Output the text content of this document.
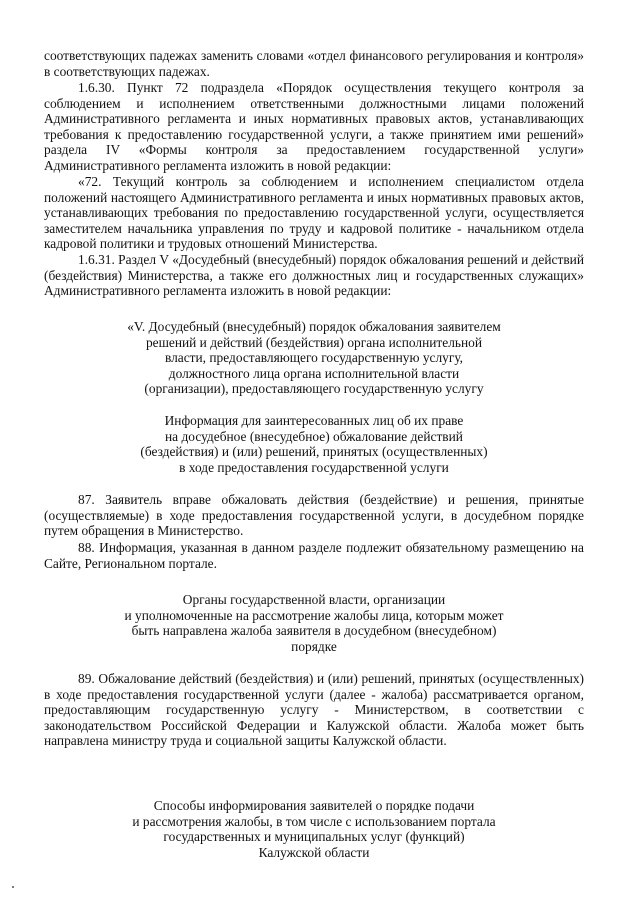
соответствующих падежах заменить словами «отдел финансового регулирования и контроля» в соответствующих падежах.

1.6.30. Пункт 72 подраздела «Порядок осуществления текущего контроля за соблюдением и исполнением ответственными должностными лицами положений Административного регламента и иных нормативных правовых актов, устанавливающих требования к предоставлению государственной услуги, а также принятием ими решений» раздела IV «Формы контроля за предоставлением государственной услуги» Административного регламента изложить в новой редакции:

«72. Текущий контроль за соблюдением и исполнением специалистом отдела положений настоящего Административного регламента и иных нормативных правовых актов, устанавливающих требования по предоставлению государственной услуги, осуществляется заместителем начальника управления по труду и кадровой политике - начальником отдела кадровой политики и трудовых отношений Министерства.

1.6.31. Раздел V «Досудебный (внесудебный) порядок обжалования решений и действий (бездействия) Министерства, а также его должностных лиц и государственных служащих» Административного регламента изложить в новой редакции:

«V. Досудебный (внесудебный) порядок обжалования заявителем
решений и действий (бездействия) органа исполнительной
власти, предоставляющего государственную услугу,
должностного лица органа исполнительной власти
(организации), предоставляющего государственную услугу
Информация для заинтересованных лиц об их праве
на досудебное (внесудебное) обжалование действий
(бездействия) и (или) решений, принятых (осуществленных)
в ходе предоставления государственной услуги

87. Заявитель вправе обжаловать действия (бездействие) и решения, принятые (осуществляемые) в ходе предоставления государственной услуги, в досудебном порядке путем обращения в Министерство.

88. Информация, указанная в данном разделе подлежит обязательному размещению на Сайте, Региональном портале.

Органы государственной власти, организации
и уполномоченные на рассмотрение жалобы лица, которым может
быть направлена жалоба заявителя в досудебном (внесудебном)
порядке

89. Обжалование действий (бездействия) и (или) решений, принятых (осуществленных) в ходе предоставления государственной услуги (далее - жалоба) рассматривается органом, предоставляющим государственную услугу - Министерством, в соответствии с законодательством Российской Федерации и Калужской области. Жалоба может быть направлена министру труда и социальной защиты Калужской области.

Способы информирования заявителей о порядке подачи
и рассмотрения жалобы, в том числе с использованием портала
государственных и муниципальных услуг (функций)
Калужской области
